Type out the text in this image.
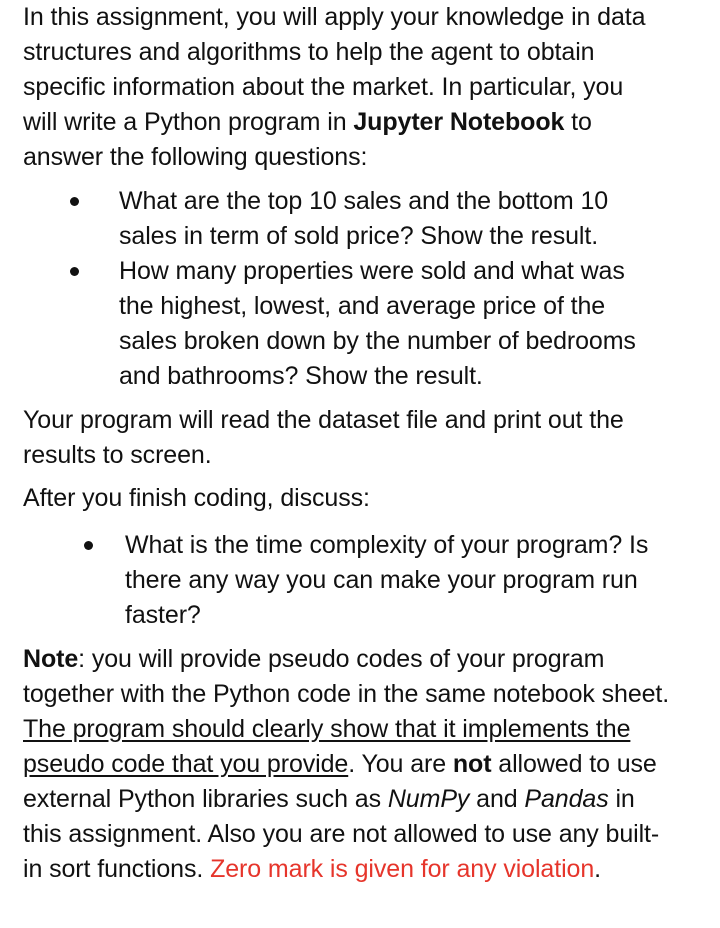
In this assignment, you will apply your knowledge in data structures and algorithms to help the agent to obtain specific information about the market. In particular, you will write a Python program in Jupyter Notebook to answer the following questions:

What are the top 10 sales and the bottom 10 sales in term of sold price? Show the result.
How many properties were sold and what was the highest, lowest, and average price of the sales broken down by the number of bedrooms and bathrooms? Show the result.

Your program will read the dataset file and print out the results to screen.

After you finish coding, discuss:

What is the time complexity of your program? Is there any way you can make your program run faster?

Note: you will provide pseudo codes of your program together with the Python code in the same notebook sheet. The program should clearly show that it implements the pseudo code that you provide. You are not allowed to use external Python libraries such as NumPy and Pandas in this assignment. Also you are not allowed to use any built-in sort functions. Zero mark is given for any violation.
